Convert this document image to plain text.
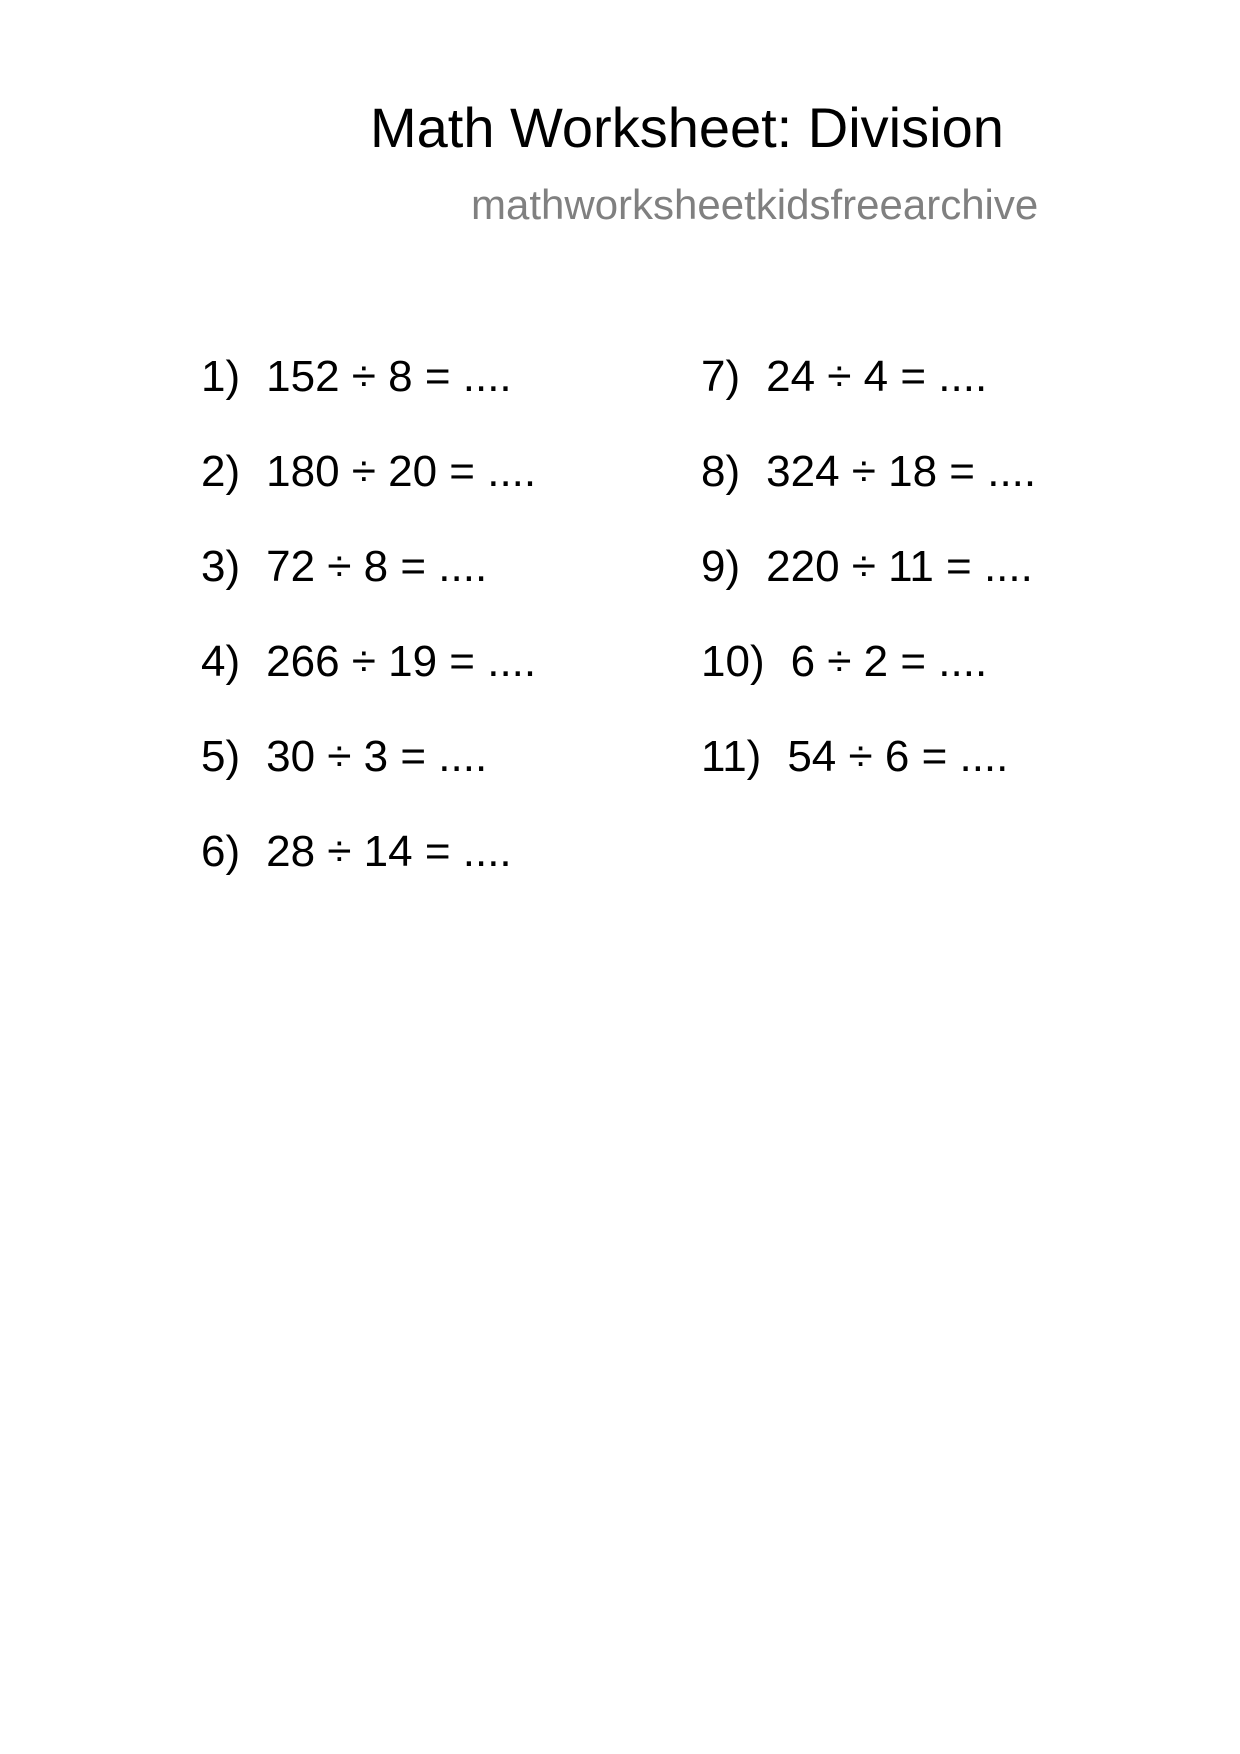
Math Worksheet: Division
mathworksheetkidsfreearchive
1) 152 ÷ 8 = ....
2) 180 ÷ 20 = ....
3) 72 ÷ 8 = ....
4) 266 ÷ 19 = ....
5) 30 ÷ 3 = ....
6) 28 ÷ 14 = ....
7) 24 ÷ 4 = ....
8) 324 ÷ 18 = ....
9) 220 ÷ 11 = ....
10) 6 ÷ 2 = ....
11) 54 ÷ 6 = ....
